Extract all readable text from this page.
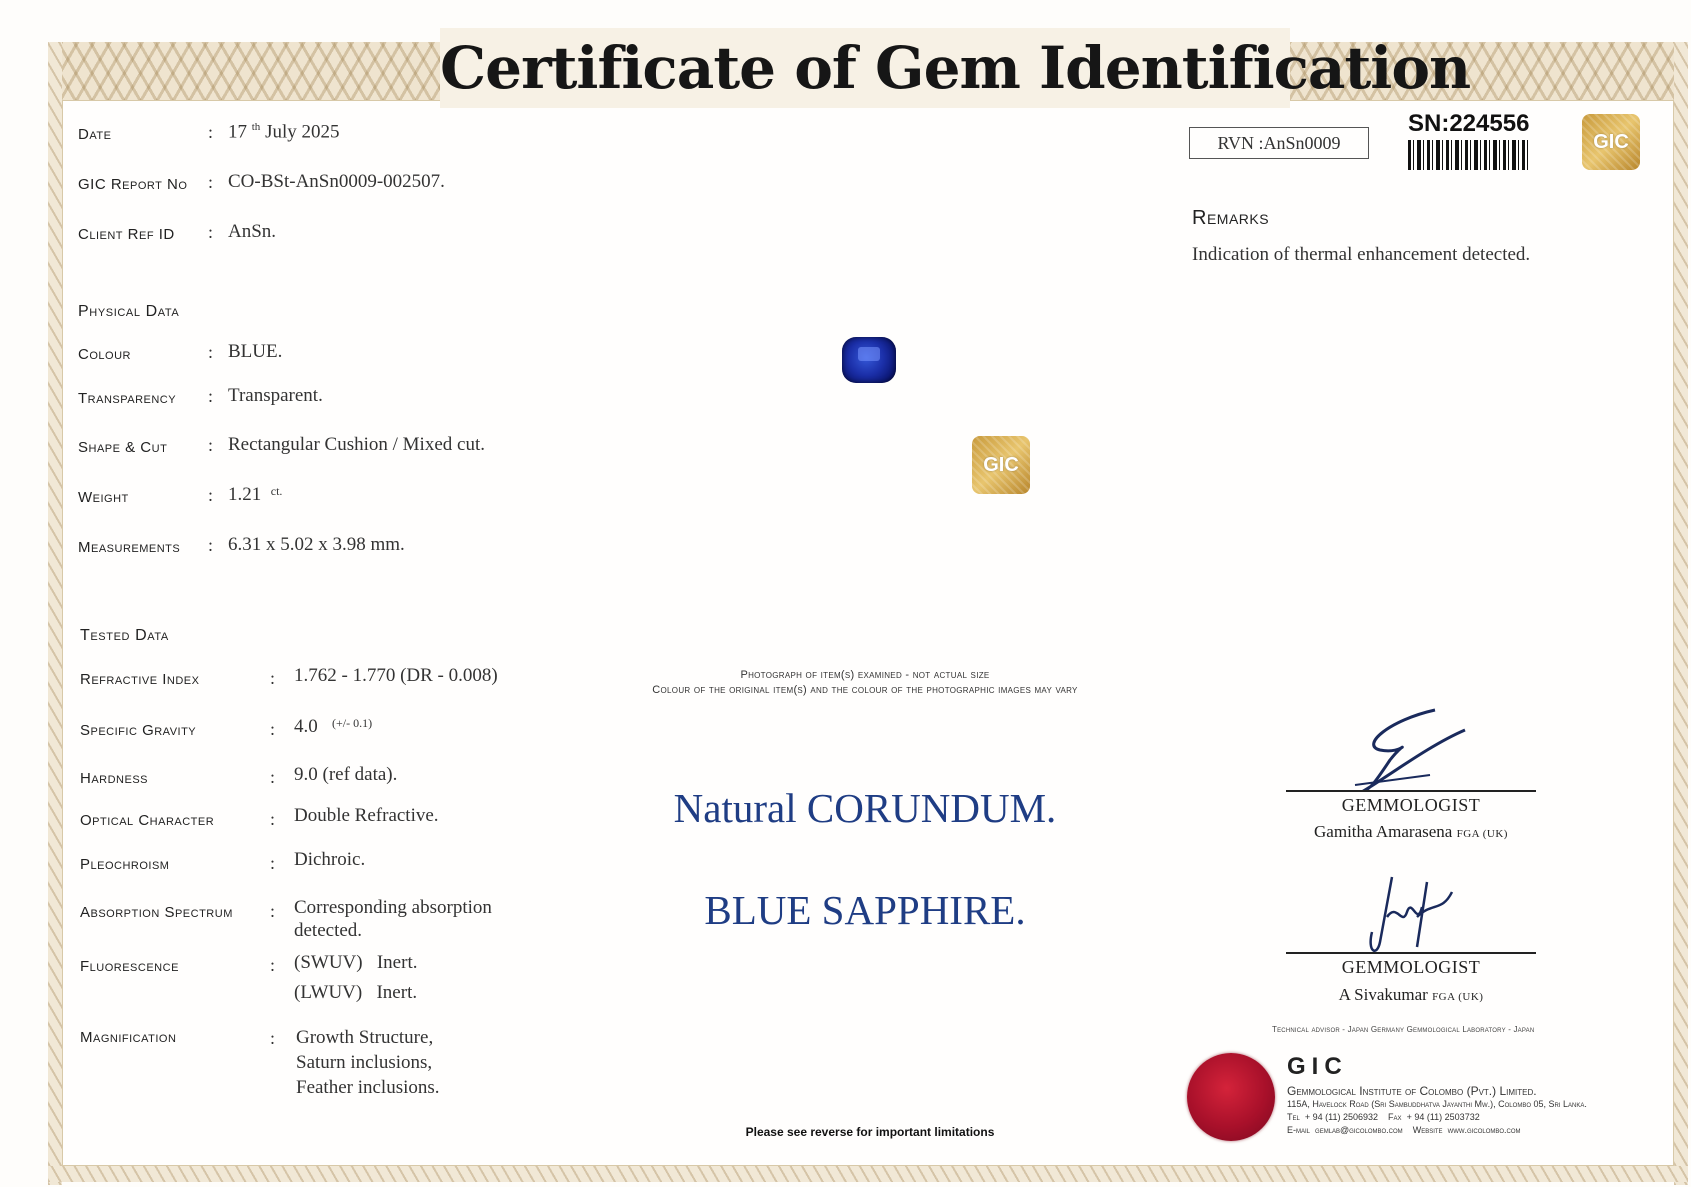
Certificate of Gem Identification
Date	: 17 $^{th}$ July 2025
GIC Report No : CO-BSt-AnSn0009-002507.
Client Ref ID : AnSn.
Physical Data
Colour	: BLUE.
Transparency : Transparent.
Shape & Cut : Rectangular Cushion / Mixed cut.
Weight	: 1.21 $^{ct.}$
Measurements : 6.31 x 5.02 x 3.98 mm.
Tested Data
Refractive Index	: 1.762 - 1.770 (DR - 0.008)
Specific Gravity	: 4.0 $^{(+/- 0.1)}$
Hardness	: 9.0 (ref data).
Optical Character	: Double Refractive.
Pleochroism	: Dichroic.
Absorption Spectrum : Corresponding absorption
detected.
Fluorescence	: (SWUV) Inert.
(LWUV) Inert.
Magnification	: Growth Structure,
Saturn inclusions,
Feather inclusions.
GIC
Photograph of item(s) examined - not actual size
Colour of the original item(s) and the colour of the photographic images may vary
Natural CORUNDUM.
BLUE SAPPHIRE.
Please see reverse for important limitations
RVN :AnSn0009
SN:224556
GIC
Remarks
Indication of thermal enhancement detected.
GEMMOLOGIST
Gamitha Amarasena FGA (UK)
GEMMOLOGIST
A Sivakumar FGA (UK)
Technical advisor - Japan Germany Gemmological Laboratory - Japan
GIC
Gemmological Institute of Colombo (Pvt.) Limited.
115A, Havelock Road (Sri Sambuddhatva Jayanthi Mw.), Colombo 05, Sri Lanka.
Tel + 94 (11) 2506932 Fax + 94 (11) 2503732
E-mail gemlab@gicolombo.com Website www.gicolombo.com
